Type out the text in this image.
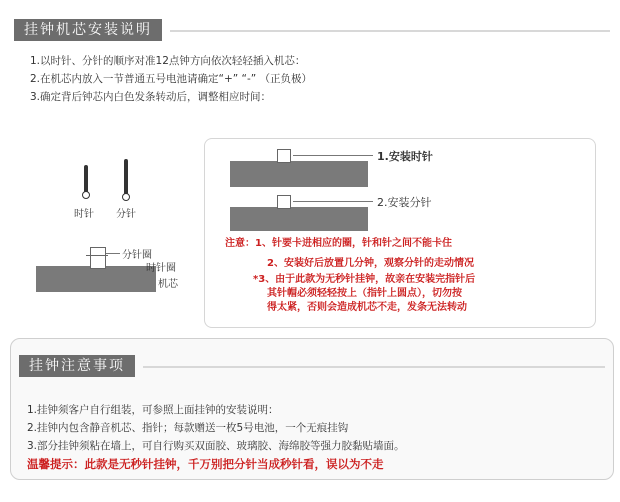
挂钟机芯安装说明
1.以时针、分针的顺序对准12点钟方向依次轻轻插入机芯：
2.在机芯内放入一节普通五号电池请确定“+” “-” （正负极）
3.确定背后钟芯内白色发条转动后，调整相应时间：
时针 分针
分针圈
时针圈
机芯
1.安装时针
2.安装分针
注意：1、针要卡进相应的圈，针和针之间不能卡住
2、安装好后放置几分钟，观察分针的走动情况
*3、由于此款为无秒针挂钟，故亲在安装完指针后
其针帽必须轻轻按上（指针上圆点），切勿按
得太紧，否则会造成机芯不走，发条无法转动
挂钟注意事项
1.挂钟须客户自行组装，可参照上面挂钟的安装说明：
2.挂钟内包含静音机芯、指针；每款赠送一枚5号电池，一个无痕挂钩
3.部分挂钟须粘在墙上，可自行购买双面胶、玻璃胶、海绵胶等强力胶黏贴墙面。
温馨提示：此款是无秒针挂钟，千万别把分针当成秒针看，误以为不走
